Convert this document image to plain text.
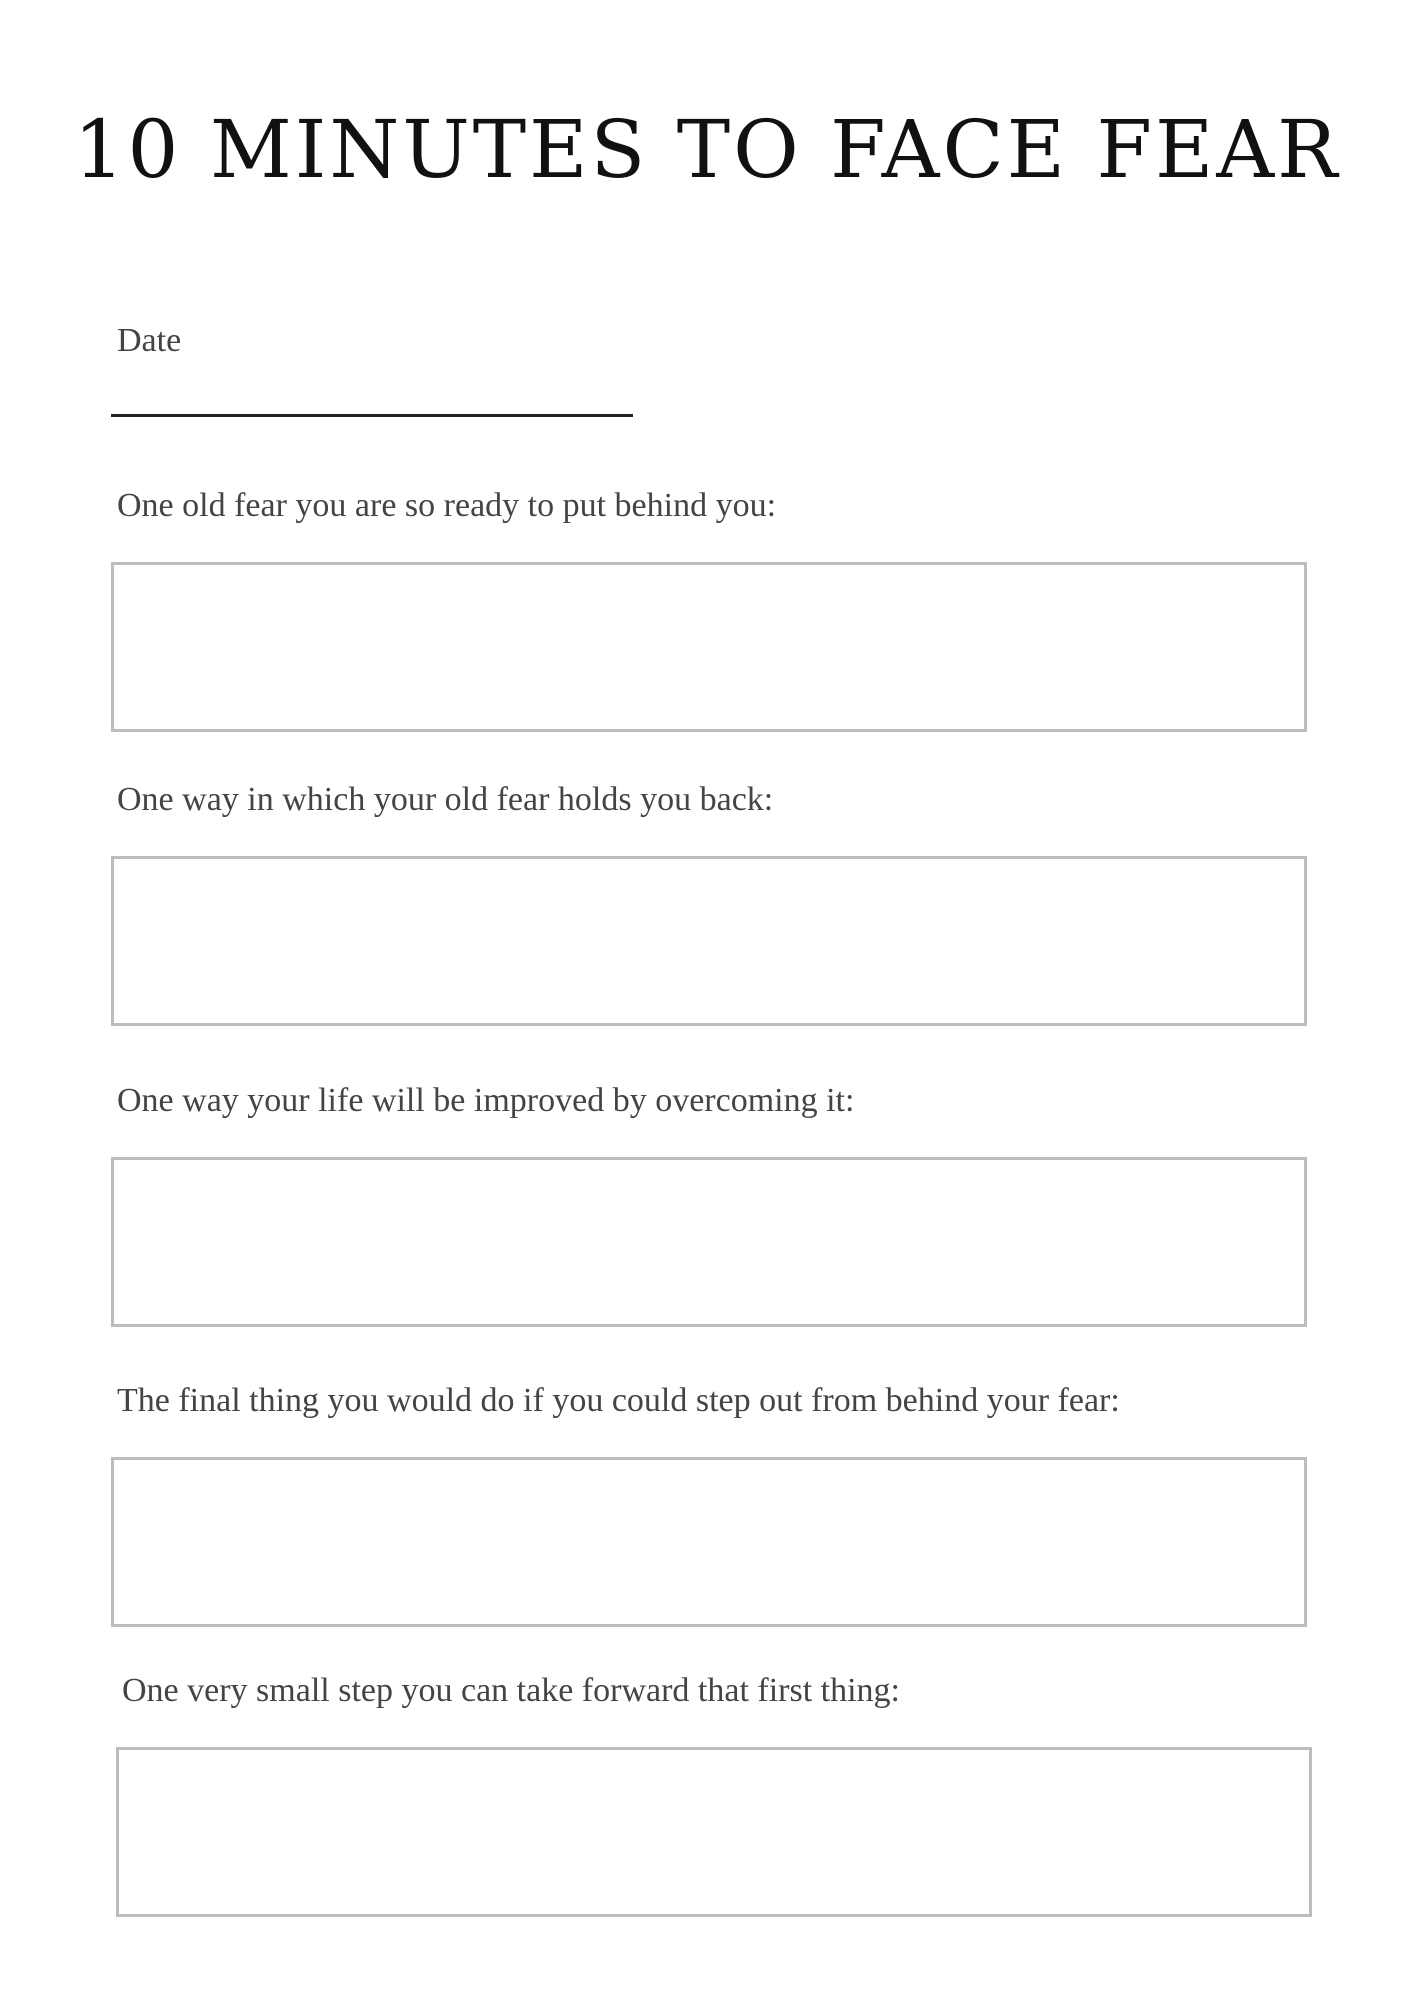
10 MINUTES TO FACE FEAR

Date

One old fear you are so ready to put behind you:

One way in which your old fear holds you back:

One way your life will be improved by overcoming it:

The final thing you would do if you could step out from behind your fear:

One very small step you can take forward that first thing:
